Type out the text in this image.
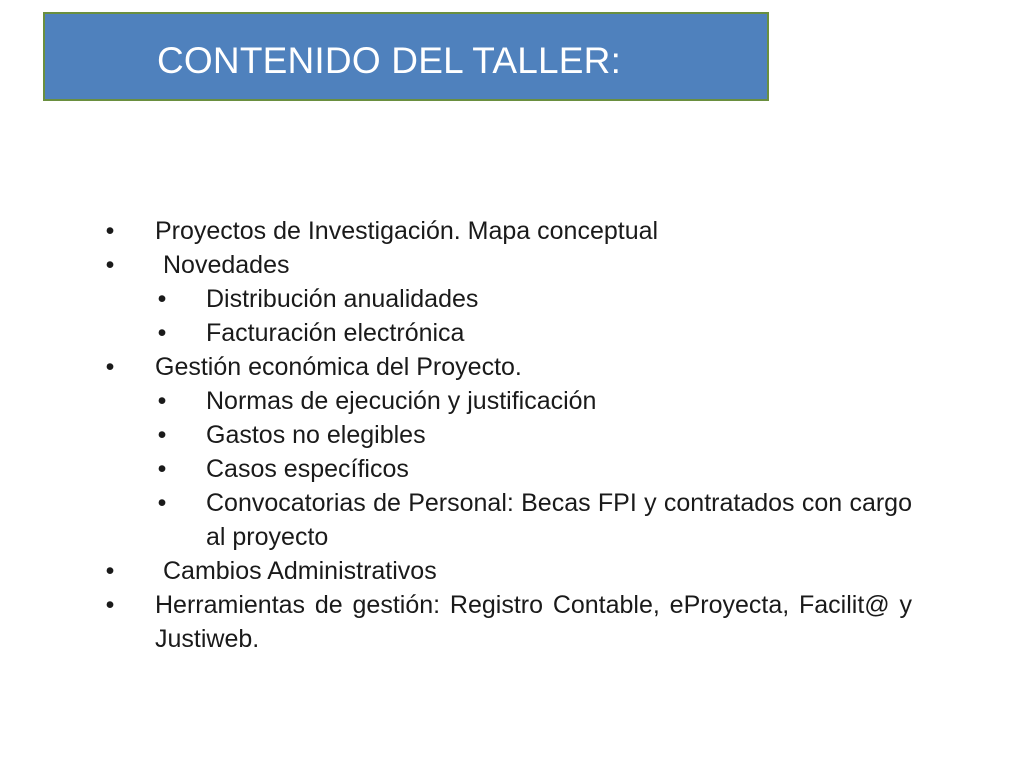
CONTENIDO DEL TALLER:
• Proyectos de Investigación. Mapa conceptual
•	Novedades
• Distribución anualidades
• Facturación electrónica
• Gestión económica del Proyecto.
• Normas de ejecución y justificación
• Gastos no elegibles
• Casos específicos
• Convocatorias de Personal: Becas FPI y contratados con cargo al proyecto
•	Cambios Administrativos
• Herramientas de gestión: Registro Contable, eProyecta, Facilit@ y Justiweb.
